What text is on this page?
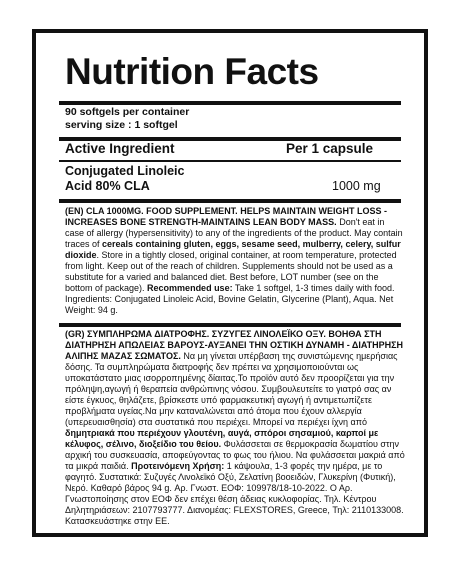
Nutrition Facts
90 softgels per container
serving size : 1 softgel
Active Ingredient	Per 1 capsule
Conjugated Linoleic
Acid 80% CLA	1000 mg
(EN) CLA 1000MG. FOOD SUPPLEMENT. HELPS MAINTAIN WEIGHT LOSS - INCREASES BONE STRENGTH-MAINTAINS LEAN BODY MASS. Don't eat in case of allergy (hypersensitivity) to any of the ingredients of the product. May contain traces of cereals containing gluten, eggs, sesame seed, mulberry, celery, sulfur dioxide. Store in a tightly closed, original container, at room temperature, protected from light. Keep out of the reach of children. Supplements should not be used as a substitute for a varied and balanced diet. Best before, LOT number (see on the bottom of package). Recommended use: Take 1 softgel, 1-3 times daily with food. Ingredients: Conjugated Linoleic Acid, Bovine Gelatin, Glycerine (Plant), Aqua. Net Weight: 94 g.
(GR) ΣΥΜΠΛΗΡΩΜΑ ΔΙΑΤΡΟΦΗΣ. ΣΥΖΥΓΕΣ ΛΙΝΟΛΕΪΚΟ ΟΞΥ. ΒΟΗΘΑ ΣΤΗ ΔΙΑΤΗΡΗΣΗ ΑΠΩΛΕΙΑΣ ΒΑΡΟΥΣ-ΑΥΞΑΝΕΙ ΤΗΝ ΟΣΤΙΚΗ ΔΥΝΑΜΗ - ΔΙΑΤΗΡΗΣΗ ΑΛΙΠΗΣ ΜΑΖΑΣ ΣΩΜΑΤΟΣ. Να μη γίνεται υπέρβαση της συνιστώμενης ημερήσιας δόσης. Τα συμπληρώματα διατροφής δεν πρέπει να χρησιμοποιούνται ως υποκατάστατο μιας ισορροπημένης δίαιτας.Το προϊόν αυτό δεν προορίζεται για την πρόληψη,αγωγή ή θεραπεία ανθρώπινης νόσου. Συμβουλευτείτε το γιατρό σας αν είστε έγκυος, θηλάζετε, βρίσκεστε υπό φαρμακευτική αγωγή ή αντιμετωπίζετε προβλήματα υγείας.Να μην καταναλώνεται από άτομα που έχουν αλλεργία (υπερευαισθησία) στα συστατικά που περιέχει. Μπορεί να περιέχει ίχνη από δημητριακά που περιέχουν γλουτένη, αυγά, σπόροι σησαμιού, καρποί με κέλυφος, σέλινο, διοξείδιο του θείου. Φυλάσσεται σε θερμοκρασία δωματίου στην αρχική του συσκευασία, αποφεύγοντας το φως του ήλιου. Να φυλάσσεται μακριά από τα μικρά παιδιά. Προτεινόμενη Χρήση: 1 κάψουλα, 1-3 φορές την ημέρα, με το φαγητό. Συστατικά: Συζυγές Λινολεϊκό Οξύ, Ζελατίνη βοοειδών, Γλυκερίνη (Φυτική), Νερό. Καθαρό βάρος 94 g. Αρ. Γνωστ. ΕΟΦ: 109978/18-10-2022. Ο Αρ. Γνωστοποίησης στον ΕΟΦ δεν επέχει θέση άδειας κυκλοφορίας. Τηλ. Κέντρου Δηλητηριάσεων: 2107793777. Διανομέας: FLEXSTORES, Greece, Τηλ: 2110133008. Κατασκευάστηκε στην ΕΕ.
